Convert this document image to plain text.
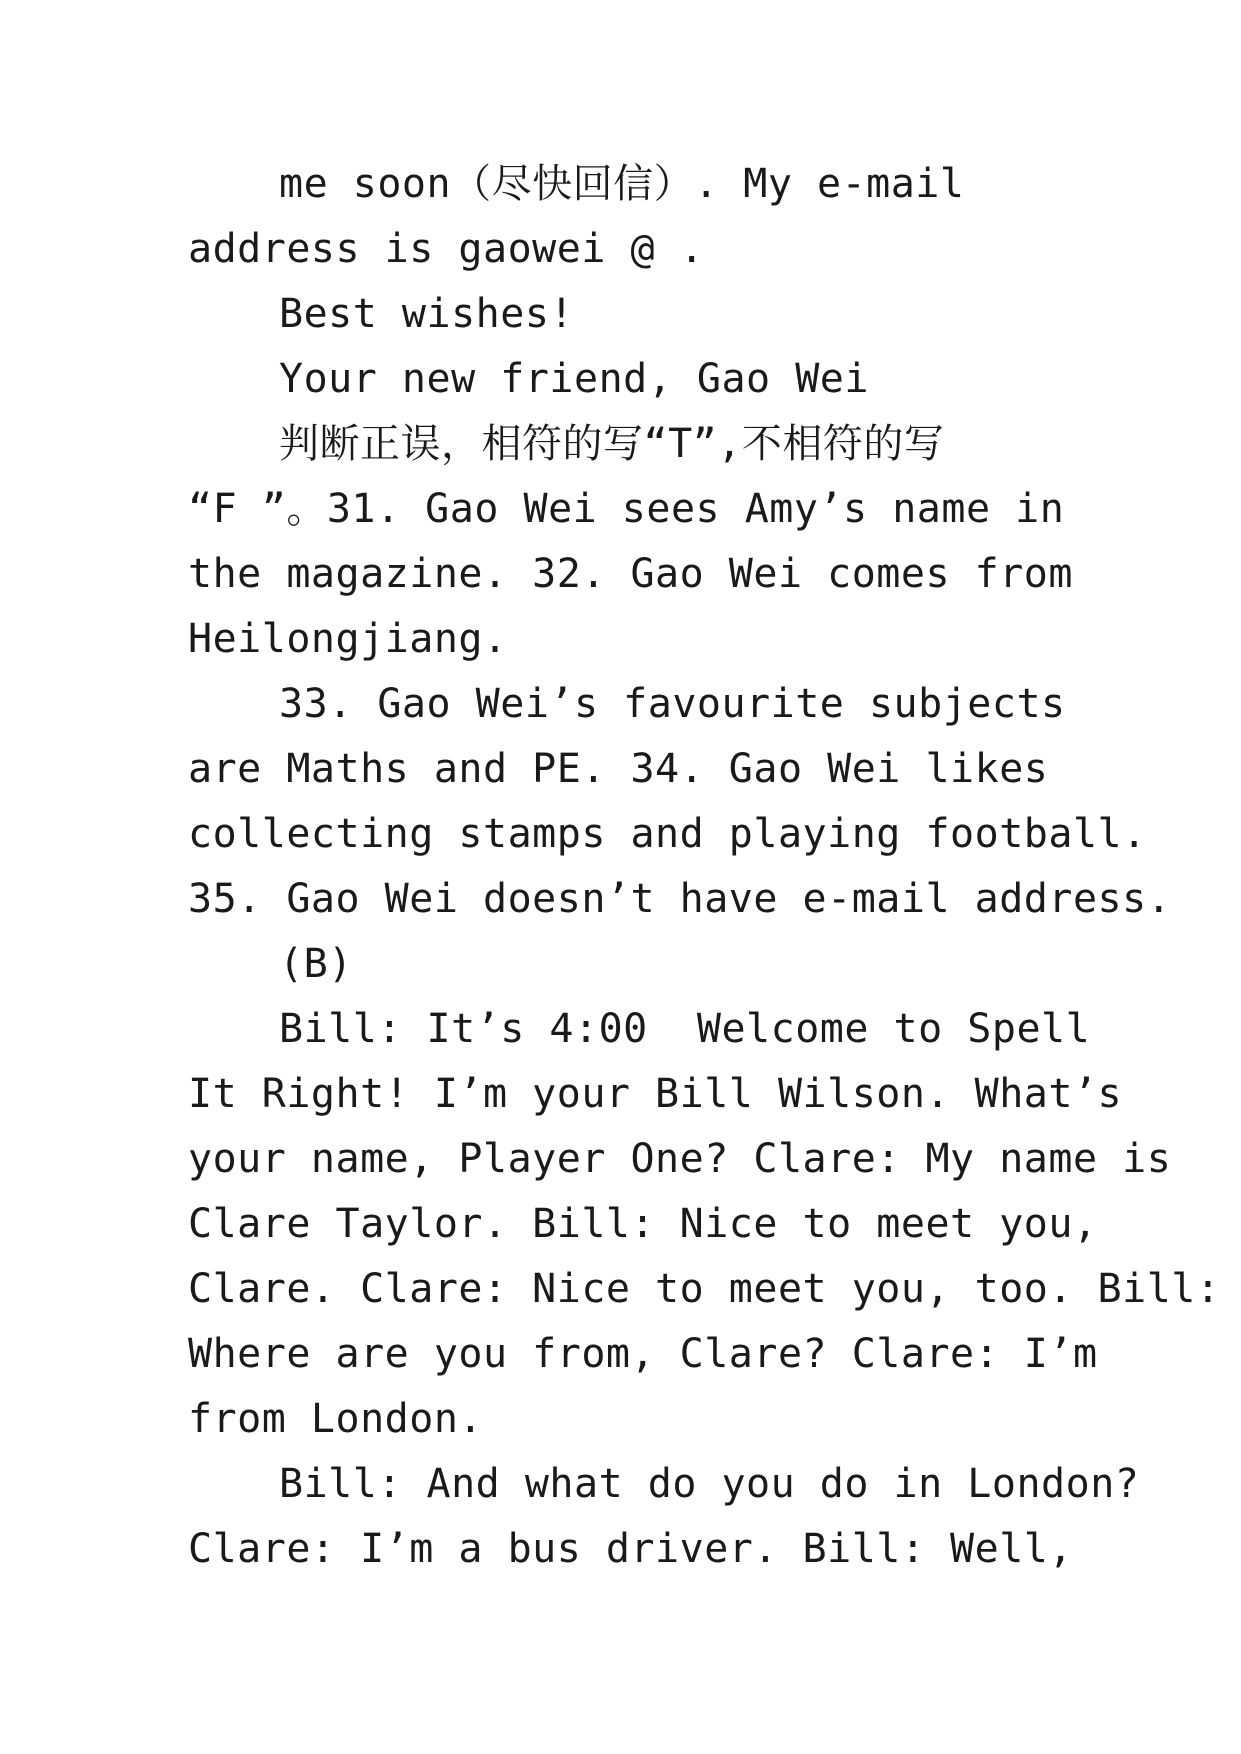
me soon（尽快回信）. My e-mail
address is gaowei @ .
Best wishes!
Your new friend, Gao Wei
判断正误，相符的写“T”,不相符的写
“F ”。31. Gao Wei sees Amy’s name in
the magazine. 32. Gao Wei comes from
Heilongjiang.
33. Gao Wei’s favourite subjects
are Maths and PE. 34. Gao Wei likes
collecting stamps and playing football.
35. Gao Wei doesn’t have e-mail address.
(B)
Bill: It’s 4:00  Welcome to Spell
It Right! I’m your Bill Wilson. What’s
your name, Player One? Clare: My name is
Clare Taylor. Bill: Nice to meet you,
Clare. Clare: Nice to meet you, too. Bill:
Where are you from, Clare? Clare: I’m
from London.
Bill: And what do you do in London?
Clare: I’m a bus driver. Bill: Well,
